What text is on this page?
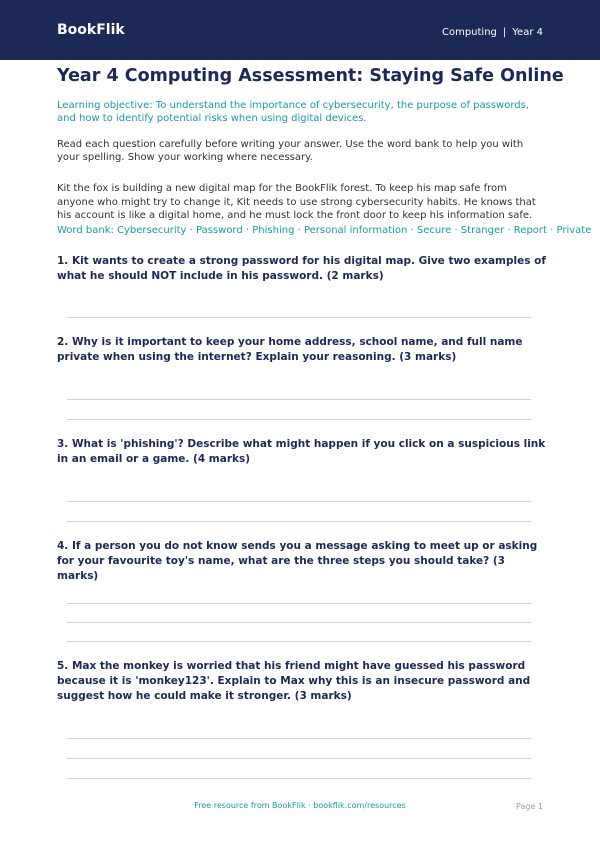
BookFlik	Computing | Year 4
Year 4 Computing Assessment: Staying Safe Online
Learning objective: To understand the importance of cybersecurity, the purpose of passwords, and how to identify potential risks when using digital devices.
Read each question carefully before writing your answer. Use the word bank to help you with your spelling. Show your working where necessary.
Kit the fox is building a new digital map for the BookFlik forest. To keep his map safe from anyone who might try to change it, Kit needs to use strong cybersecurity habits. He knows that his account is like a digital home, and he must lock the front door to keep his information safe.
Word bank: Cybersecurity · Password · Phishing · Personal information · Secure · Stranger · Report · Private
1. Kit wants to create a strong password for his digital map. Give two examples of what he should NOT include in his password. (2 marks)
2. Why is it important to keep your home address, school name, and full name private when using the internet? Explain your reasoning. (3 marks)
3. What is 'phishing'? Describe what might happen if you click on a suspicious link in an email or a game. (4 marks)
4. If a person you do not know sends you a message asking to meet up or asking for your favourite toy's name, what are the three steps you should take? (3 marks)
5. Max the monkey is worried that his friend might have guessed his password because it is 'monkey123'. Explain to Max why this is an insecure password and suggest how he could make it stronger. (3 marks)
Free resource from BookFlik · bookflik.com/resources	Page 1
